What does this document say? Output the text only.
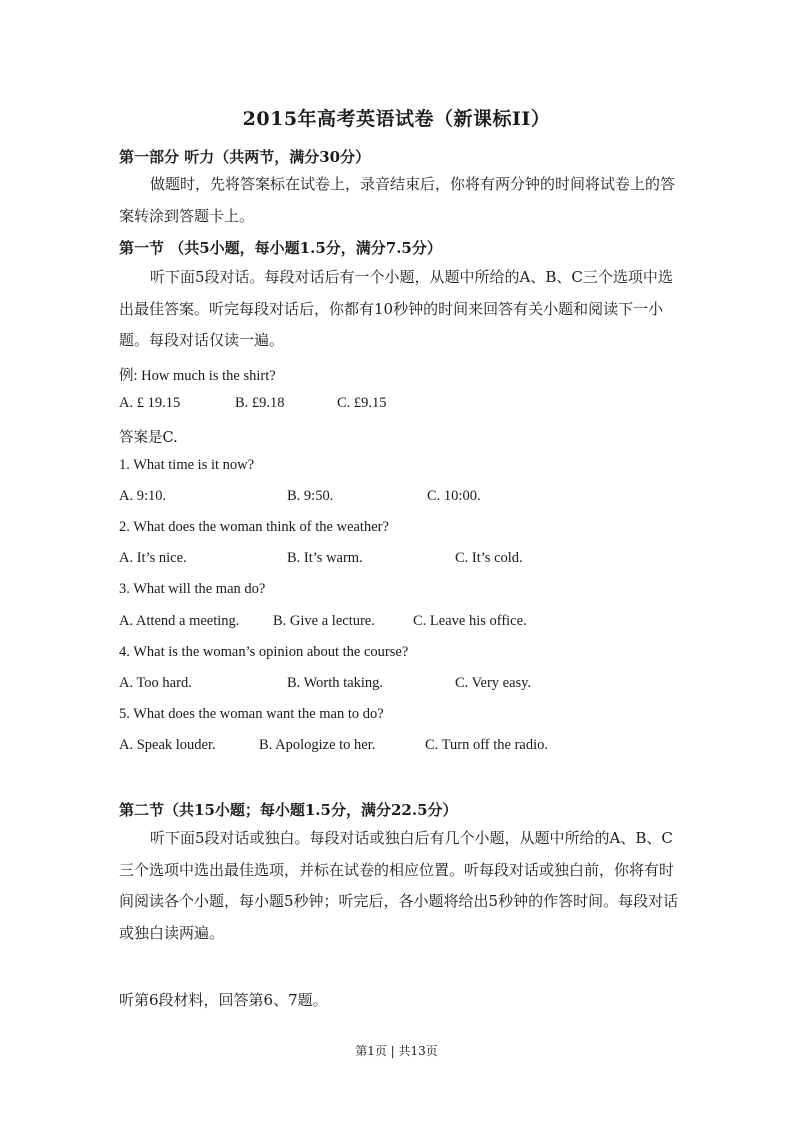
2015年高考英语试卷（新课标II）
第一部分 听力（共两节，满分30分）

做题时，先将答案标在试卷上，录音结束后，你将有两分钟的时间将试卷上的答案转涂到答题卡上。

第一节 （共5小题，每小题1.5分，满分7.5分）

听下面5段对话。每段对话后有一个小题，从题中所给的A、B、C三个选项中选出最佳答案。听完每段对话后，你都有10秒钟的时间来回答有关小题和阅读下一小题。每段对话仅读一遍。

例: How much is the shirt?
A. £ 19.15	B. £9.18	C. £9.15
答案是C.
1. What time is it now?
A. 9:10.	B. 9:50.	C. 10:00.
2. What does the woman think of the weather?
A. It’s nice.	B. It’s warm.	C. It’s cold.
3. What will the man do?
A. Attend a meeting. B. Give a lecture.	C. Leave his office.
4. What is the woman’s opinion about the course?
A. Too hard.	B. Worth taking.	C. Very easy.
5. What does the woman want the man to do?
A. Speak louder.	B. Apologize to her.	C. Turn off the radio.
第二节（共15小题；每小题1.5分，满分22.5分）

听下面5段对话或独白。每段对话或独白后有几个小题，从题中所给的A、B、C三个选项中选出最佳选项，并标在试卷的相应位置。听每段对话或独白前，你将有时间阅读各个小题，每小题5秒钟；听完后，各小题将给出5秒钟的作答时间。每段对话或独白读两遍。

听第6段材料，回答第6、7题。
第1页 | 共13页
